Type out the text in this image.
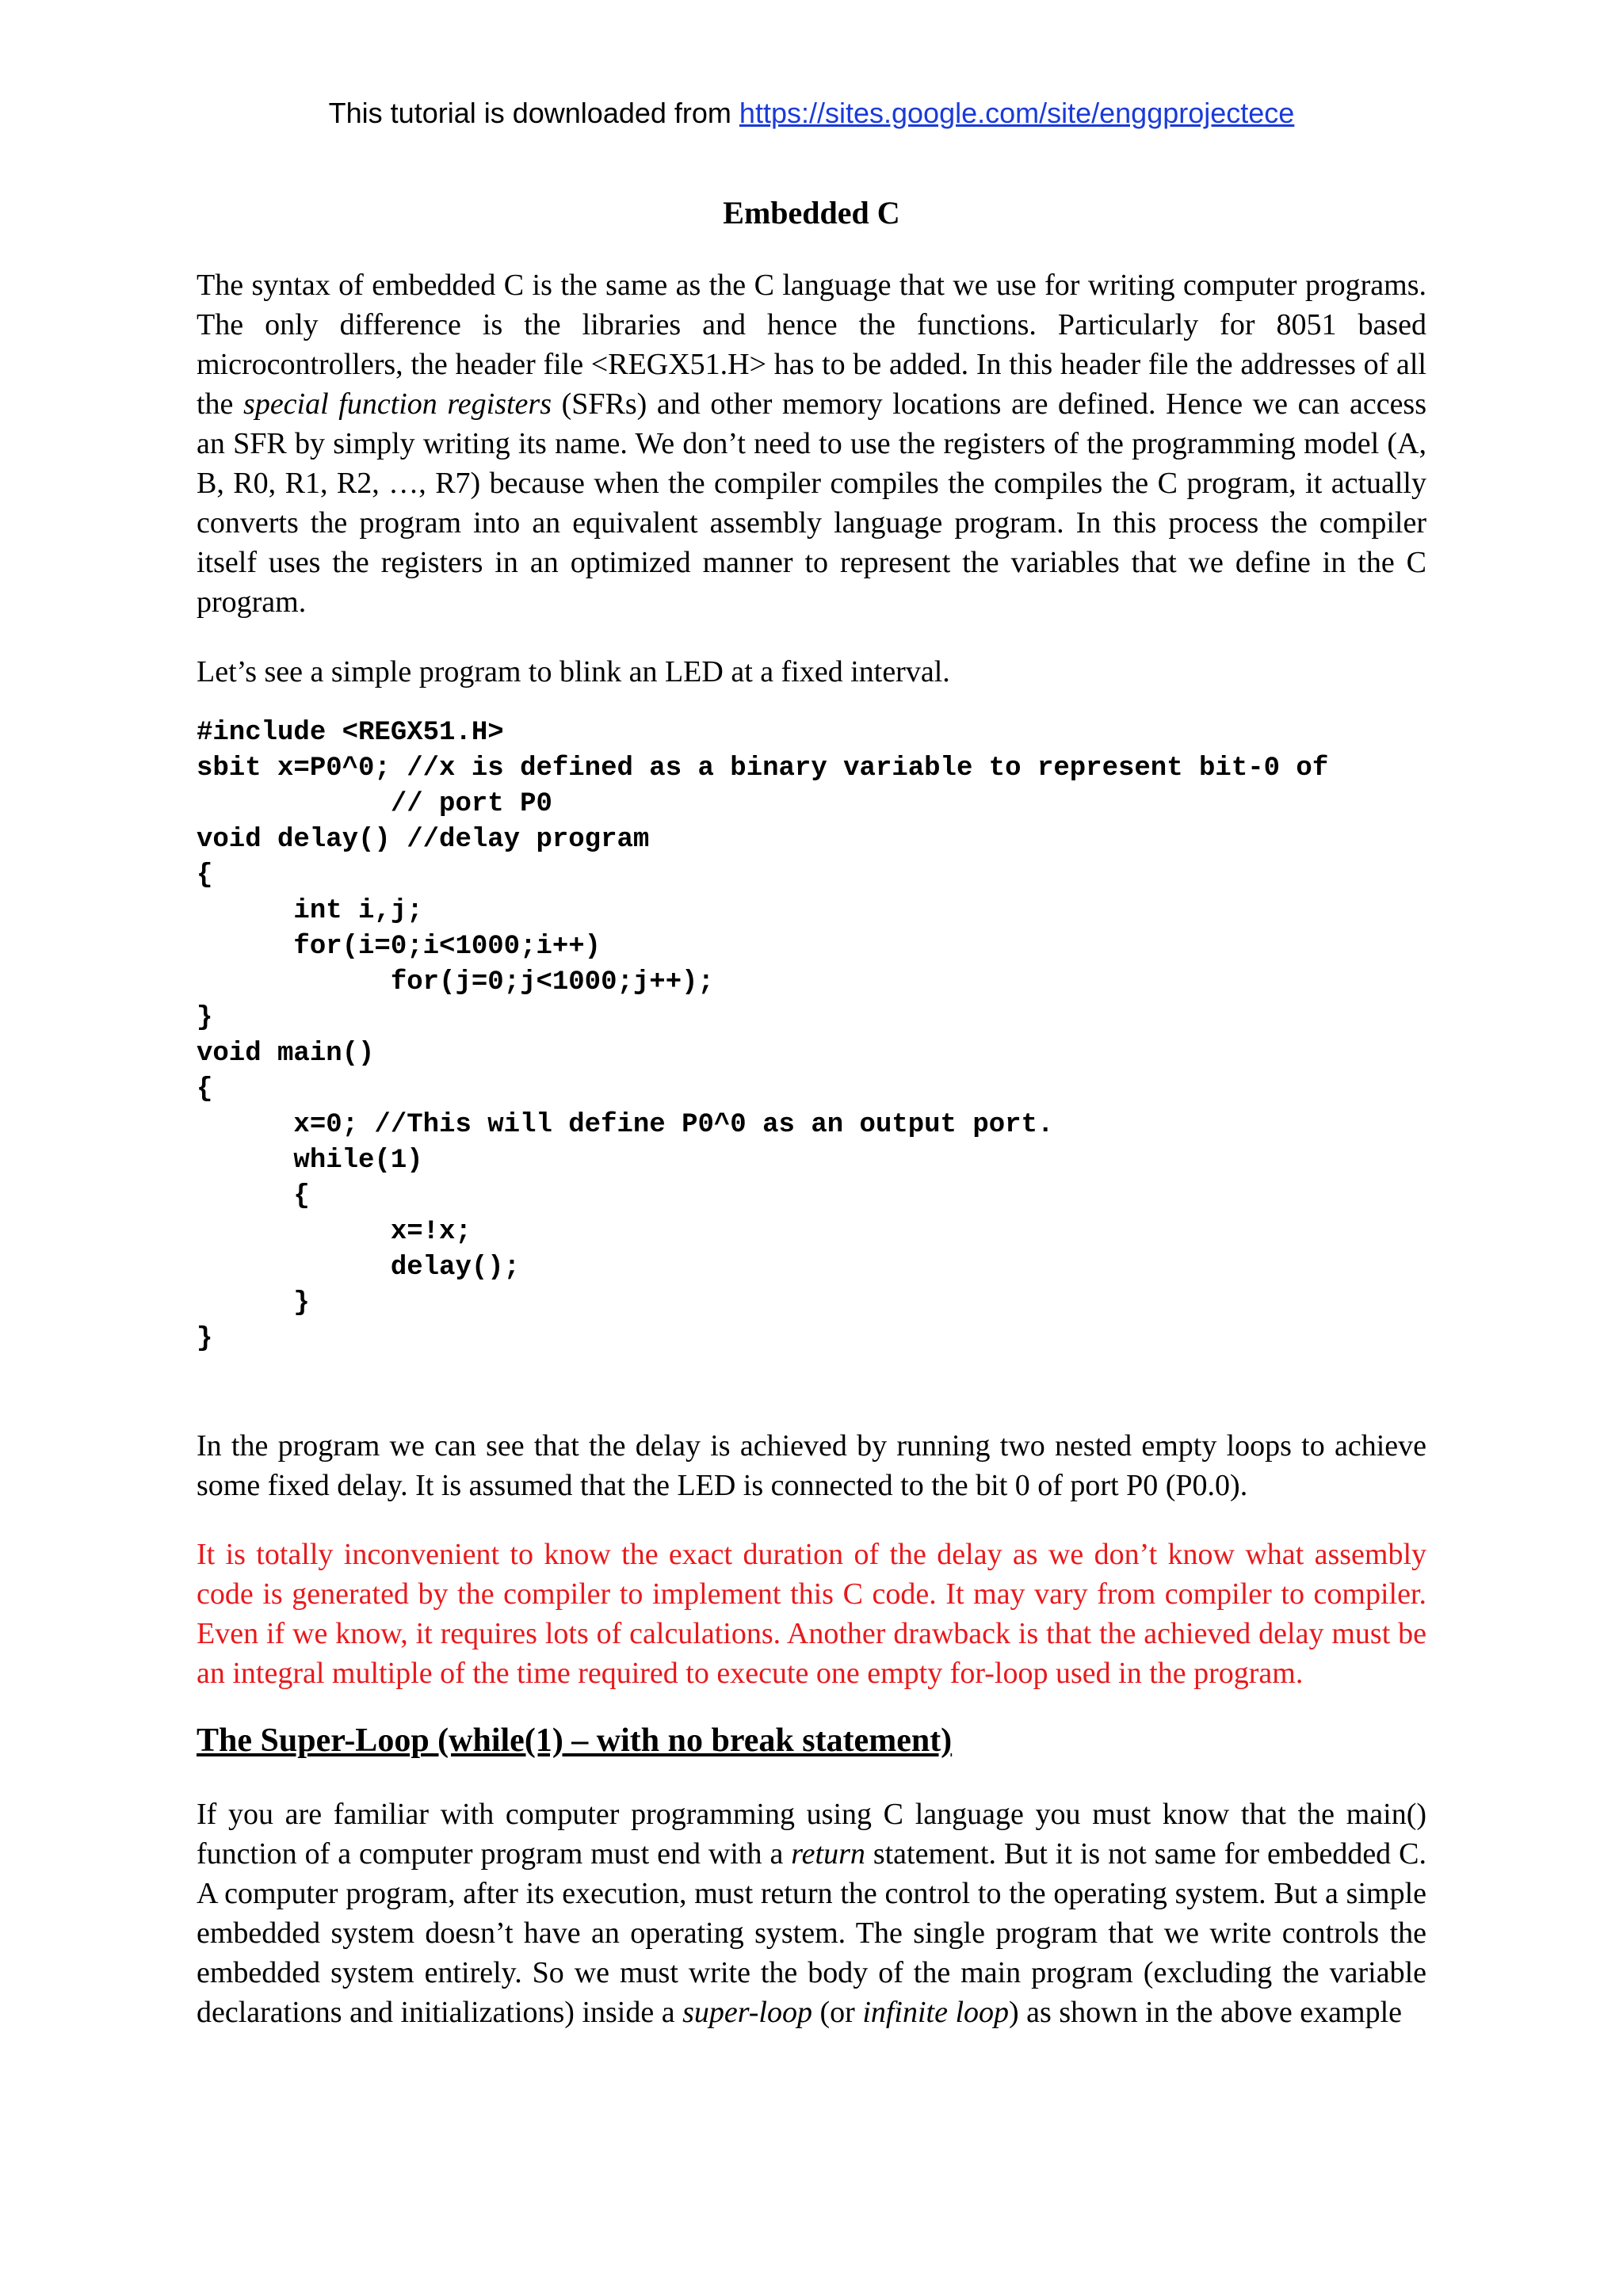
This tutorial is downloaded from https://sites.google.com/site/enggprojectece
Embedded C
The syntax of embedded C is the same as the C language that we use for writing computer programs. The only difference is the libraries and hence the functions. Particularly for 8051 based microcontrollers, the header file <REGX51.H> has to be added. In this header file the addresses of all the special function registers (SFRs) and other memory locations are defined. Hence we can access an SFR by simply writing its name. We don’t need to use the registers of the programming model (A, B, R0, R1, R2, …, R7) because when the compiler compiles the compiles the C program, it actually converts the program into an equivalent assembly language program. In this process the compiler itself uses the registers in an optimized manner to represent the variables that we define in the C program.
Let’s see a simple program to blink an LED at a fixed interval.
#include <REGX51.H>
sbit x=P0^0; //x is defined as a binary variable to represent bit-0 of
// port P0
void delay() //delay program
{
int i,j;
for(i=0;i<1000;i++)
for(j=0;j<1000;j++);
}
void main()
{
x=0; //This will define P0^0 as an output port.
while(1)
{
x=!x;
delay();
}
}
In the program we can see that the delay is achieved by running two nested empty loops to achieve some fixed delay. It is assumed that the LED is connected to the bit 0 of port P0 (P0.0).
It is totally inconvenient to know the exact duration of the delay as we don’t know what assembly code is generated by the compiler to implement this C code. It may vary from compiler to compiler. Even if we know, it requires lots of calculations. Another drawback is that the achieved delay must be an integral multiple of the time required to execute one empty for-loop used in the program.
The Super-Loop (while(1) – with no break statement)
If you are familiar with computer programming using C language you must know that the main() function of a computer program must end with a return statement. But it is not same for embedded C. A computer program, after its execution, must return the control to the operating system. But a simple embedded system doesn’t have an operating system. The single program that we write controls the embedded system entirely. So we must write the body of the main program (excluding the variable declarations and initializations) inside a super-loop (or infinite loop) as shown in the above example
